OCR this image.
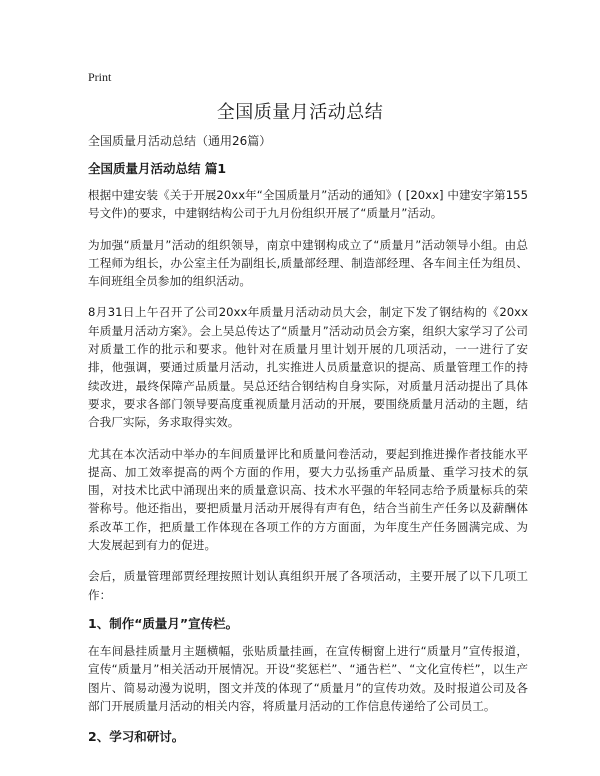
Print
全国质量月活动总结

全国质量月活动总结（通用26篇）

全国质量月活动总结 篇1

根据中建安装《关于开展20xx年“全国质量月”活动的通知》( [20xx] 中建安字第155号文件)的要求，中建钢结构公司于九月份组织开展了“质量月”活动。

为加强“质量月”活动的组织领导，南京中建钢构成立了“质量月”活动领导小组。由总工程师为组长，办公室主任为副组长,质量部经理、制造部经理、各车间主任为组员、车间班组全员参加的组织活动。

8月31日上午召开了公司20xx年质量月活动动员大会，制定下发了钢结构的《20xx年质量月活动方案》。会上吴总传达了“质量月”活动动员会方案，组织大家学习了公司对质量工作的批示和要求。他针对在质量月里计划开展的几项活动，一一进行了安排，他强调，要通过质量月活动，扎实推进人员质量意识的提高、质量管理工作的持续改进，最终保障产品质量。吴总还结合钢结构自身实际，对质量月活动提出了具体要求，要求各部门领导要高度重视质量月活动的开展，要围绕质量月活动的主题，结合我厂实际，务求取得实效。

尤其在本次活动中举办的车间质量评比和质量问卷活动，要起到推进操作者技能水平提高、加工效率提高的两个方面的作用，要大力弘扬重产品质量、重学习技术的氛围，对技术比武中涌现出来的质量意识高、技术水平强的年轻同志给予质量标兵的荣誉称号。他还指出，要把质量月活动开展得有声有色，结合当前生产任务以及薪酬体系改革工作，把质量工作体现在各项工作的方方面面，为年度生产任务圆满完成、为大发展起到有力的促进。

会后，质量管理部贾经理按照计划认真组织开展了各项活动，主要开展了以下几项工作：

1、制作“质量月”宣传栏。

在车间悬挂质量月主题横幅，张贴质量挂画，在宣传橱窗上进行“质量月”宣传报道，宣传“质量月”相关活动开展情况。开设“奖惩栏”、“通告栏”、“文化宣传栏”，以生产图片、简易动漫为说明，图文并茂的体现了“质量月”的宣传功效。及时报道公司及各部门开展质量月活动的相关内容，将质量月活动的工作信息传递给了公司员工。

2、学习和研讨。
